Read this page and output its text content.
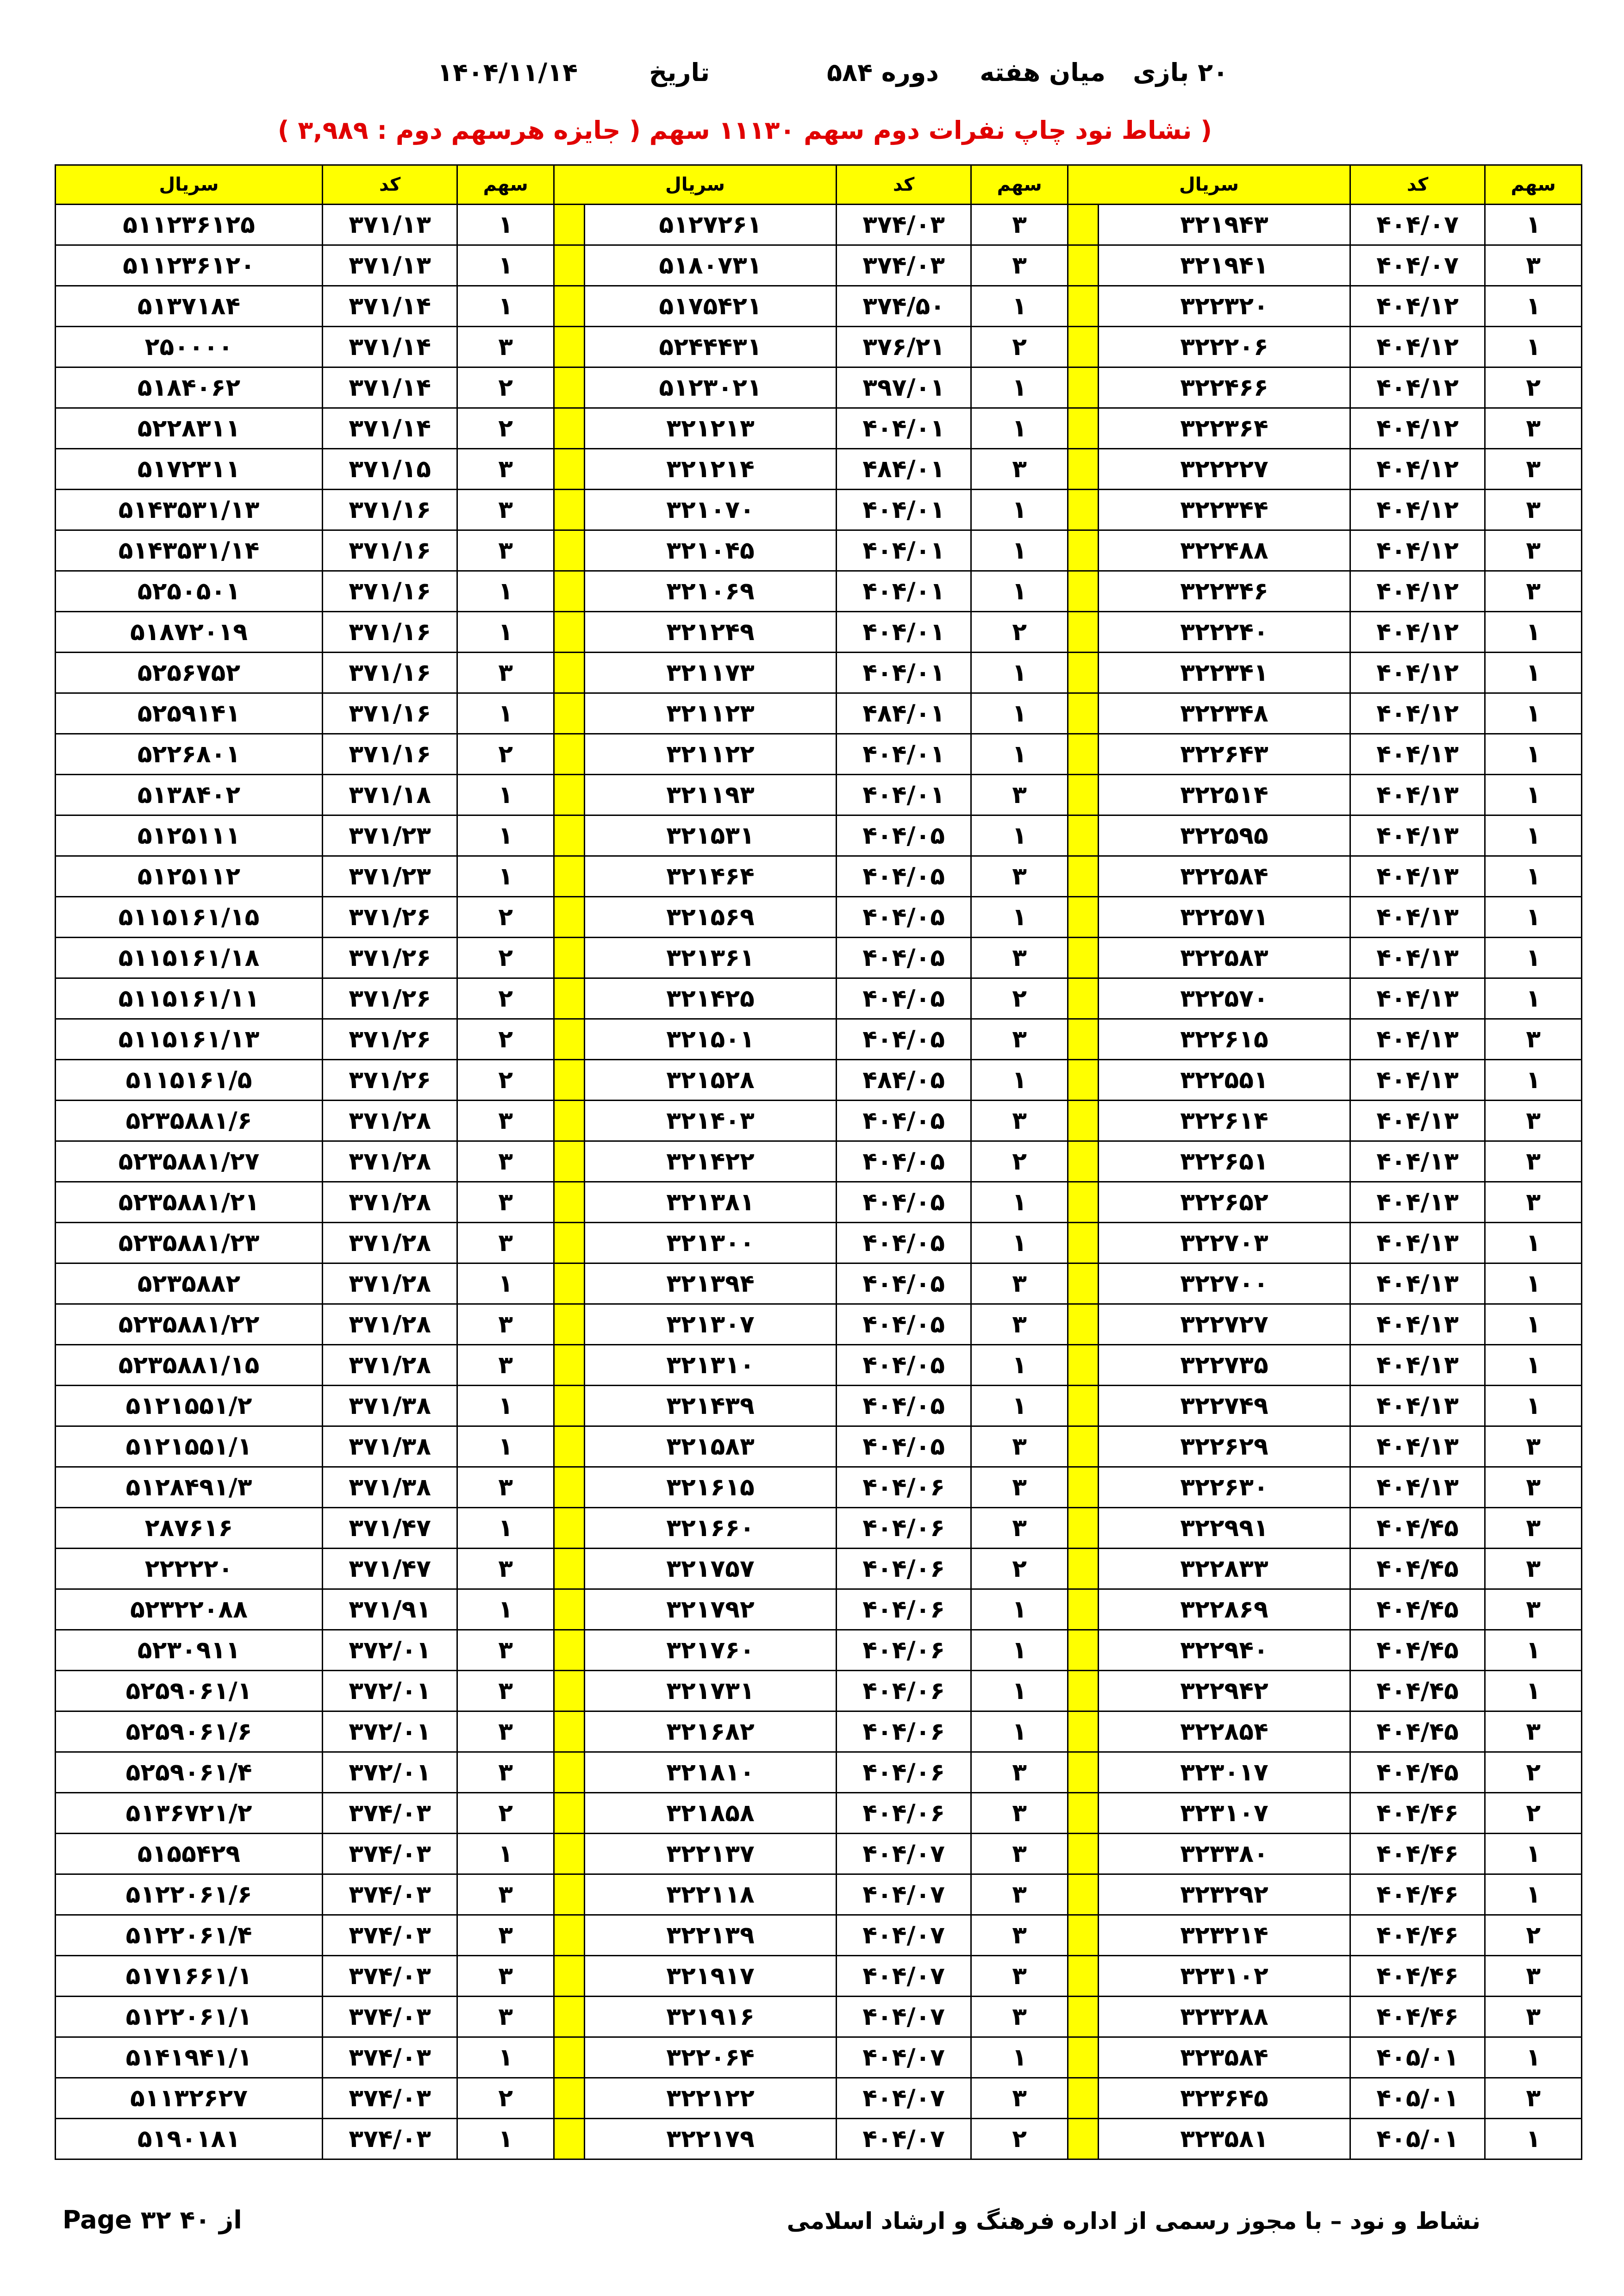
۲۰ بازی
میان هفته
دوره ۵۸۴
تاریخ
۱۴۰۴/۱۱/۱۴
( نشاط نود چاپ نفرات دوم سهم ۱۱۱۳۰ سهم ( جایزه هرسهم دوم : ۳,۹۸۹ )
سهم	کد	سریال		سهم	کد	سریال		سهم	کد	سریال
۱	۴۰۴/۰۷	۳۲۱۹۴۳		۳	۳۷۴/۰۳	۵۱۲۷۲۶۱		۱	۳۷۱/۱۳	۵۱۱۲۳۶۱۲۵
۳	۴۰۴/۰۷	۳۲۱۹۴۱		۳	۳۷۴/۰۳	۵۱۸۰۷۳۱		۱	۳۷۱/۱۳	۵۱۱۲۳۶۱۲۰
۱	۴۰۴/۱۲	۳۲۲۳۲۰		۱	۳۷۴/۵۰	۵۱۷۵۴۲۱		۱	۳۷۱/۱۴	۵۱۳۷۱۸۴
۱	۴۰۴/۱۲	۳۲۲۲۰۶		۲	۳۷۶/۲۱	۵۲۴۴۴۳۱		۳	۳۷۱/۱۴	۲۵۰۰۰۰
۲	۴۰۴/۱۲	۳۲۲۴۶۶		۱	۳۹۷/۰۱	۵۱۲۳۰۲۱		۲	۳۷۱/۱۴	۵۱۸۴۰۶۲
۳	۴۰۴/۱۲	۳۲۲۳۶۴		۱	۴۰۴/۰۱	۳۲۱۲۱۳		۲	۳۷۱/۱۴	۵۲۲۸۳۱۱
۳	۴۰۴/۱۲	۳۲۲۲۲۷		۳	۴۸۴/۰۱	۳۲۱۲۱۴		۳	۳۷۱/۱۵	۵۱۷۲۳۱۱
۳	۴۰۴/۱۲	۳۲۲۳۴۴		۱	۴۰۴/۰۱	۳۲۱۰۷۰		۳	۳۷۱/۱۶	۵۱۴۳۵۳۱/۱۳
۳	۴۰۴/۱۲	۳۲۲۴۸۸		۱	۴۰۴/۰۱	۳۲۱۰۴۵		۳	۳۷۱/۱۶	۵۱۴۳۵۳۱/۱۴
۳	۴۰۴/۱۲	۳۲۲۳۴۶		۱	۴۰۴/۰۱	۳۲۱۰۶۹		۱	۳۷۱/۱۶	۵۲۵۰۵۰۱
۱	۴۰۴/۱۲	۳۲۲۲۴۰		۲	۴۰۴/۰۱	۳۲۱۲۴۹		۱	۳۷۱/۱۶	۵۱۸۷۲۰۱۹
۱	۴۰۴/۱۲	۳۲۲۳۴۱		۱	۴۰۴/۰۱	۳۲۱۱۷۳		۳	۳۷۱/۱۶	۵۲۵۶۷۵۲
۱	۴۰۴/۱۲	۳۲۲۳۴۸		۱	۴۸۴/۰۱	۳۲۱۱۲۳		۱	۳۷۱/۱۶	۵۲۵۹۱۴۱
۱	۴۰۴/۱۳	۳۲۲۶۴۳		۱	۴۰۴/۰۱	۳۲۱۱۲۲		۲	۳۷۱/۱۶	۵۲۲۶۸۰۱
۱	۴۰۴/۱۳	۳۲۲۵۱۴		۳	۴۰۴/۰۱	۳۲۱۱۹۳		۱	۳۷۱/۱۸	۵۱۳۸۴۰۲
۱	۴۰۴/۱۳	۳۲۲۵۹۵		۱	۴۰۴/۰۵	۳۲۱۵۳۱		۱	۳۷۱/۲۳	۵۱۲۵۱۱۱
۱	۴۰۴/۱۳	۳۲۲۵۸۴		۳	۴۰۴/۰۵	۳۲۱۴۶۴		۱	۳۷۱/۲۳	۵۱۲۵۱۱۲
۱	۴۰۴/۱۳	۳۲۲۵۷۱		۱	۴۰۴/۰۵	۳۲۱۵۶۹		۲	۳۷۱/۲۶	۵۱۱۵۱۶۱/۱۵
۱	۴۰۴/۱۳	۳۲۲۵۸۳		۳	۴۰۴/۰۵	۳۲۱۳۶۱		۲	۳۷۱/۲۶	۵۱۱۵۱۶۱/۱۸
۱	۴۰۴/۱۳	۳۲۲۵۷۰		۲	۴۰۴/۰۵	۳۲۱۴۲۵		۲	۳۷۱/۲۶	۵۱۱۵۱۶۱/۱۱
۳	۴۰۴/۱۳	۳۲۲۶۱۵		۳	۴۰۴/۰۵	۳۲۱۵۰۱		۲	۳۷۱/۲۶	۵۱۱۵۱۶۱/۱۳
۱	۴۰۴/۱۳	۳۲۲۵۵۱		۱	۴۸۴/۰۵	۳۲۱۵۲۸		۲	۳۷۱/۲۶	۵۱۱۵۱۶۱/۵
۳	۴۰۴/۱۳	۳۲۲۶۱۴		۳	۴۰۴/۰۵	۳۲۱۴۰۳		۳	۳۷۱/۲۸	۵۲۳۵۸۸۱/۶
۳	۴۰۴/۱۳	۳۲۲۶۵۱		۲	۴۰۴/۰۵	۳۲۱۴۲۲		۳	۳۷۱/۲۸	۵۲۳۵۸۸۱/۲۷
۳	۴۰۴/۱۳	۳۲۲۶۵۲		۱	۴۰۴/۰۵	۳۲۱۳۸۱		۳	۳۷۱/۲۸	۵۲۳۵۸۸۱/۲۱
۱	۴۰۴/۱۳	۳۲۲۷۰۳		۱	۴۰۴/۰۵	۳۲۱۳۰۰		۳	۳۷۱/۲۸	۵۲۳۵۸۸۱/۲۳
۱	۴۰۴/۱۳	۳۲۲۷۰۰		۳	۴۰۴/۰۵	۳۲۱۳۹۴		۱	۳۷۱/۲۸	۵۲۳۵۸۸۲
۱	۴۰۴/۱۳	۳۲۲۷۲۷		۳	۴۰۴/۰۵	۳۲۱۳۰۷		۳	۳۷۱/۲۸	۵۲۳۵۸۸۱/۲۲
۱	۴۰۴/۱۳	۳۲۲۷۳۵		۱	۴۰۴/۰۵	۳۲۱۳۱۰		۳	۳۷۱/۲۸	۵۲۳۵۸۸۱/۱۵
۱	۴۰۴/۱۳	۳۲۲۷۴۹		۱	۴۰۴/۰۵	۳۲۱۴۳۹		۱	۳۷۱/۳۸	۵۱۲۱۵۵۱/۲
۳	۴۰۴/۱۳	۳۲۲۶۲۹		۳	۴۰۴/۰۵	۳۲۱۵۸۳		۱	۳۷۱/۳۸	۵۱۲۱۵۵۱/۱
۳	۴۰۴/۱۳	۳۲۲۶۳۰		۳	۴۰۴/۰۶	۳۲۱۶۱۵		۳	۳۷۱/۳۸	۵۱۲۸۴۹۱/۳
۳	۴۰۴/۴۵	۳۲۲۹۹۱		۳	۴۰۴/۰۶	۳۲۱۶۶۰		۱	۳۷۱/۴۷	۲۸۷۶۱۶
۳	۴۰۴/۴۵	۳۲۲۸۳۳		۲	۴۰۴/۰۶	۳۲۱۷۵۷		۳	۳۷۱/۴۷	۲۲۲۲۲۰
۳	۴۰۴/۴۵	۳۲۲۸۶۹		۱	۴۰۴/۰۶	۳۲۱۷۹۲		۱	۳۷۱/۹۱	۵۲۳۲۲۰۸۸
۱	۴۰۴/۴۵	۳۲۲۹۴۰		۱	۴۰۴/۰۶	۳۲۱۷۶۰		۳	۳۷۲/۰۱	۵۲۳۰۹۱۱
۱	۴۰۴/۴۵	۳۲۲۹۴۲		۱	۴۰۴/۰۶	۳۲۱۷۳۱		۳	۳۷۲/۰۱	۵۲۵۹۰۶۱/۱
۳	۴۰۴/۴۵	۳۲۲۸۵۴		۱	۴۰۴/۰۶	۳۲۱۶۸۲		۳	۳۷۲/۰۱	۵۲۵۹۰۶۱/۶
۲	۴۰۴/۴۵	۳۲۳۰۱۷		۳	۴۰۴/۰۶	۳۲۱۸۱۰		۳	۳۷۲/۰۱	۵۲۵۹۰۶۱/۴
۲	۴۰۴/۴۶	۳۲۳۱۰۷		۳	۴۰۴/۰۶	۳۲۱۸۵۸		۲	۳۷۴/۰۳	۵۱۳۶۷۲۱/۲
۱	۴۰۴/۴۶	۳۲۳۳۸۰		۳	۴۰۴/۰۷	۳۲۲۱۳۷		۱	۳۷۴/۰۳	۵۱۵۵۴۲۹
۱	۴۰۴/۴۶	۳۲۳۲۹۲		۳	۴۰۴/۰۷	۳۲۲۱۱۸		۳	۳۷۴/۰۳	۵۱۲۲۰۶۱/۶
۲	۴۰۴/۴۶	۳۲۳۲۱۴		۳	۴۰۴/۰۷	۳۲۲۱۳۹		۳	۳۷۴/۰۳	۵۱۲۲۰۶۱/۴
۳	۴۰۴/۴۶	۳۲۳۱۰۲		۳	۴۰۴/۰۷	۳۲۱۹۱۷		۳	۳۷۴/۰۳	۵۱۷۱۶۶۱/۱
۳	۴۰۴/۴۶	۳۲۳۲۸۸		۳	۴۰۴/۰۷	۳۲۱۹۱۶		۳	۳۷۴/۰۳	۵۱۲۲۰۶۱/۱
۱	۴۰۵/۰۱	۳۲۳۵۸۴		۱	۴۰۴/۰۷	۳۲۲۰۶۴		۱	۳۷۴/۰۳	۵۱۴۱۹۴۱/۱
۳	۴۰۵/۰۱	۳۲۳۶۴۵		۳	۴۰۴/۰۷	۳۲۲۱۲۲		۲	۳۷۴/۰۳	۵۱۱۳۲۶۲۷
۱	۴۰۵/۰۱	۳۲۳۵۸۱		۲	۴۰۴/۰۷	۳۲۲۱۷۹		۱	۳۷۴/۰۳	۵۱۹۰۱۸۱
نشاط و نود – با مجوز رسمی از اداره فرهنگ و ارشاد اسلامی
Page ۳۲ از ۴۰
